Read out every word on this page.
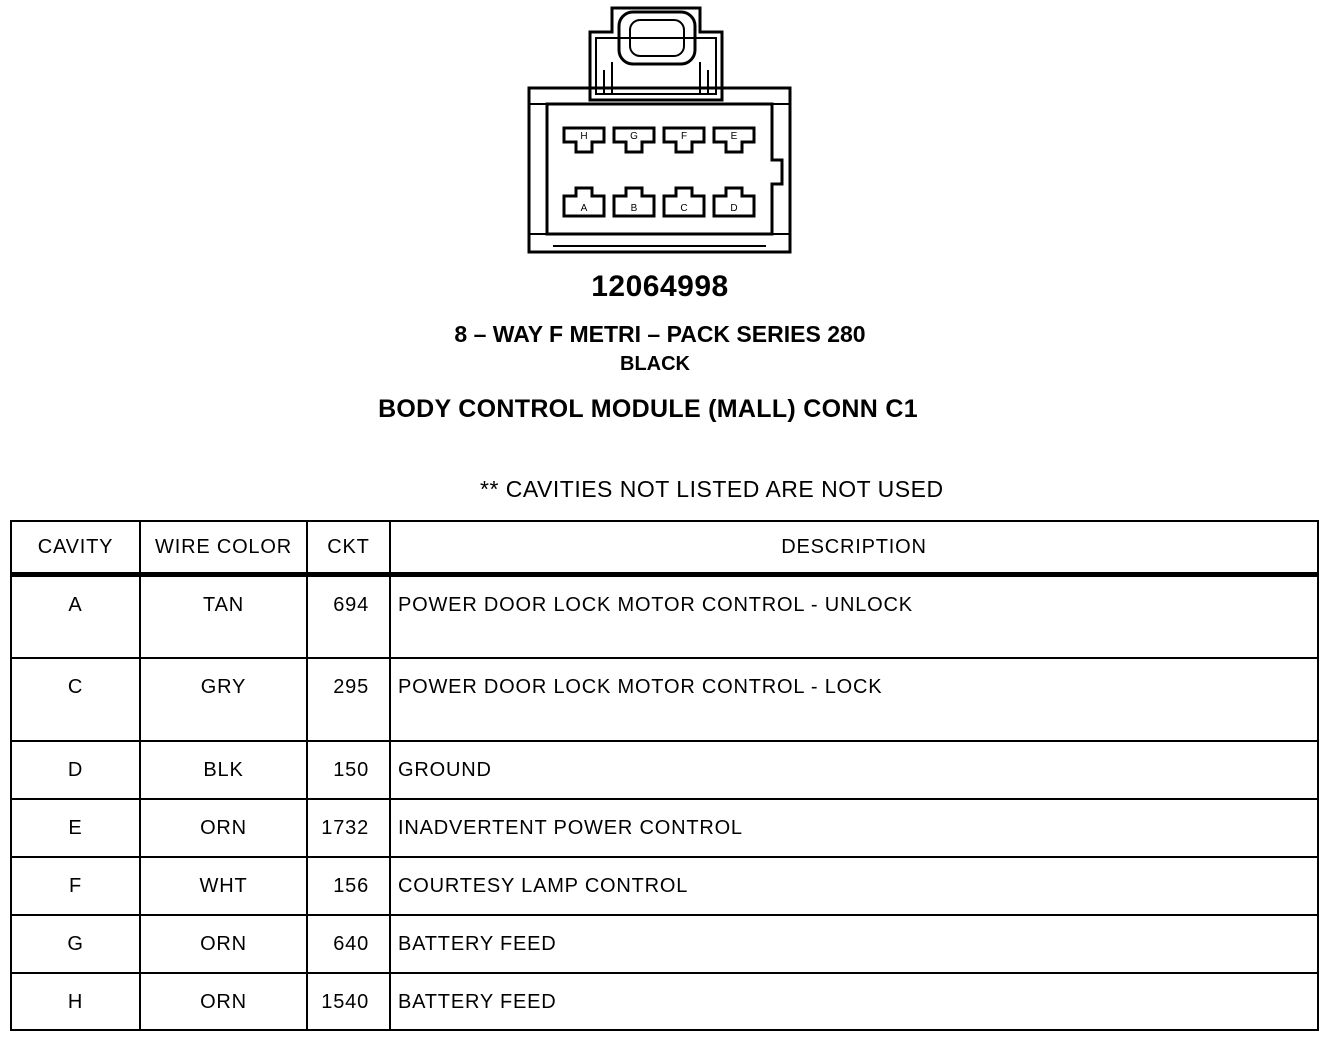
H	G	F	E
A	B	C	D
12064998
8 – WAY F METRI – PACK SERIES 280
BLACK
BODY CONTROL MODULE (MALL) CONN C1
** CAVITIES NOT LISTED ARE NOT USED
CAVITY	WIRE COLOR	CKT	DESCRIPTION
A	TAN	694	POWER DOOR LOCK MOTOR CONTROL - UNLOCK
C	GRY	295	POWER DOOR LOCK MOTOR CONTROL - LOCK
D	BLK	150	GROUND
E	ORN	1732	INADVERTENT POWER CONTROL
F	WHT	156	COURTESY LAMP CONTROL
G	ORN	640	BATTERY FEED
H	ORN	1540	BATTERY FEED
